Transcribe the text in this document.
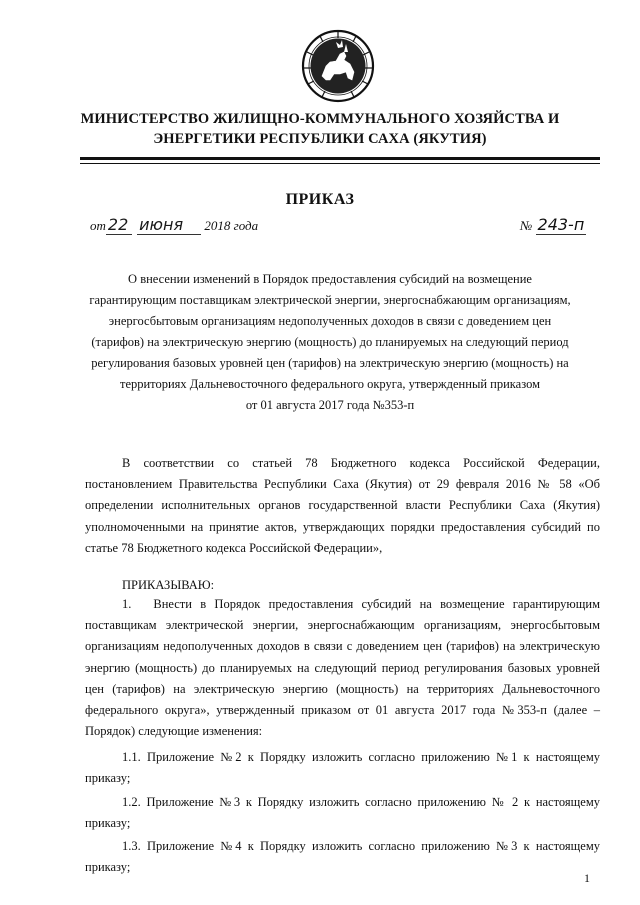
МИНИСТЕРСТВО ЖИЛИЩНО-КОММУНАЛЬНОГО ХОЗЯЙСТВА И
ЭНЕРГЕТИКИ РЕСПУБЛИКИ САХА (ЯКУТИЯ)
ПРИКАЗ
от 22 июня 2018 года	№ 243-п
О внесении изменений в Порядок предоставления субсидий на возмещение
гарантирующим поставщикам электрической энергии, энергоснабжающим организациям,
энергосбытовым организациям недополученных доходов в связи с доведением цен
(тарифов) на электрическую энергию (мощность) до планируемых на следующий период
регулирования базовых уровней цен (тарифов) на электрическую энергию (мощность) на
территориях Дальневосточного федерального округа, утвержденный приказом
от 01 августа 2017 года №353-п

В соответствии со статьей 78 Бюджетного кодекса Российской Федерации, постановлением Правительства Республики Саха (Якутия) от 29 февраля 2016 № 58 «Об определении исполнительных органов государственной власти Республики Саха (Якутия) уполномоченными на принятие актов, утверждающих порядки предоставления субсидий по статье 78 Бюджетного кодекса Российской Федерации»,

ПРИКАЗЫВАЮ:

1. Внести в Порядок предоставления субсидий на возмещение гарантирующим поставщикам электрической энергии, энергоснабжающим организациям, энергосбытовым организациям недополученных доходов в связи с доведением цен (тарифов) на электрическую энергию (мощность) до планируемых на следующий период регулирования базовых уровней цен (тарифов) на электрическую энергию (мощность) на территориях Дальневосточного федерального округа», утвержденный приказом от 01 августа 2017 года №353-п (далее – Порядок) следующие изменения:

1.1. Приложение №2 к Порядку изложить согласно приложению №1 к настоящему приказу;

1.2. Приложение №3 к Порядку изложить согласно приложению № 2 к настоящему приказу;

1.3. Приложение №4 к Порядку изложить согласно приложению №3 к настоящему приказу;

1
